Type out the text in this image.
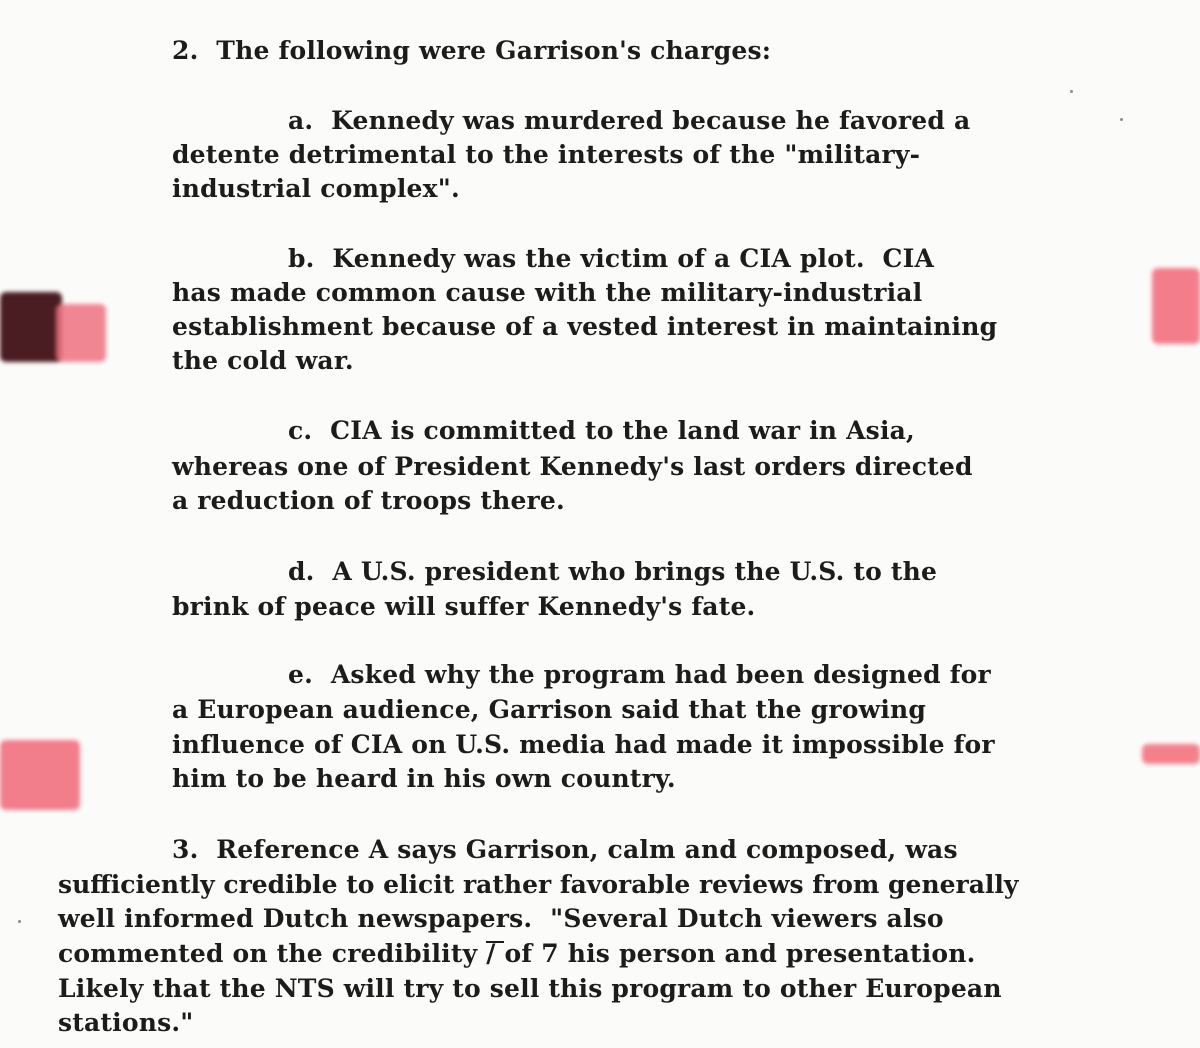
2.  The following were Garrison's charges:

a.  Kennedy was murdered because he favored a

detente detrimental to the interests of the "military-

industrial complex".

b.  Kennedy was the victim of a CIA plot.  CIA

has made common cause with the military-industrial

establishment because of a vested interest in maintaining

the cold war.

c.  CIA is committed to the land war in Asia,

whereas one of President Kennedy's last orders directed

a reduction of troops there.

d.  A U.S. president who brings the U.S. to the

brink of peace will suffer Kennedy's fate.

e.  Asked why the program had been designed for

a European audience, Garrison said that the growing

influence of CIA on U.S. media had made it impossible for

him to be heard in his own country.

3.  Reference A says Garrison, calm and composed, was

sufficiently credible to elicit rather favorable reviews from generally

well informed Dutch newspapers.  "Several Dutch viewers also

commented on the credibility / of 7 his person and presentation.

Likely that the NTS will try to sell this program to other European

stations."
